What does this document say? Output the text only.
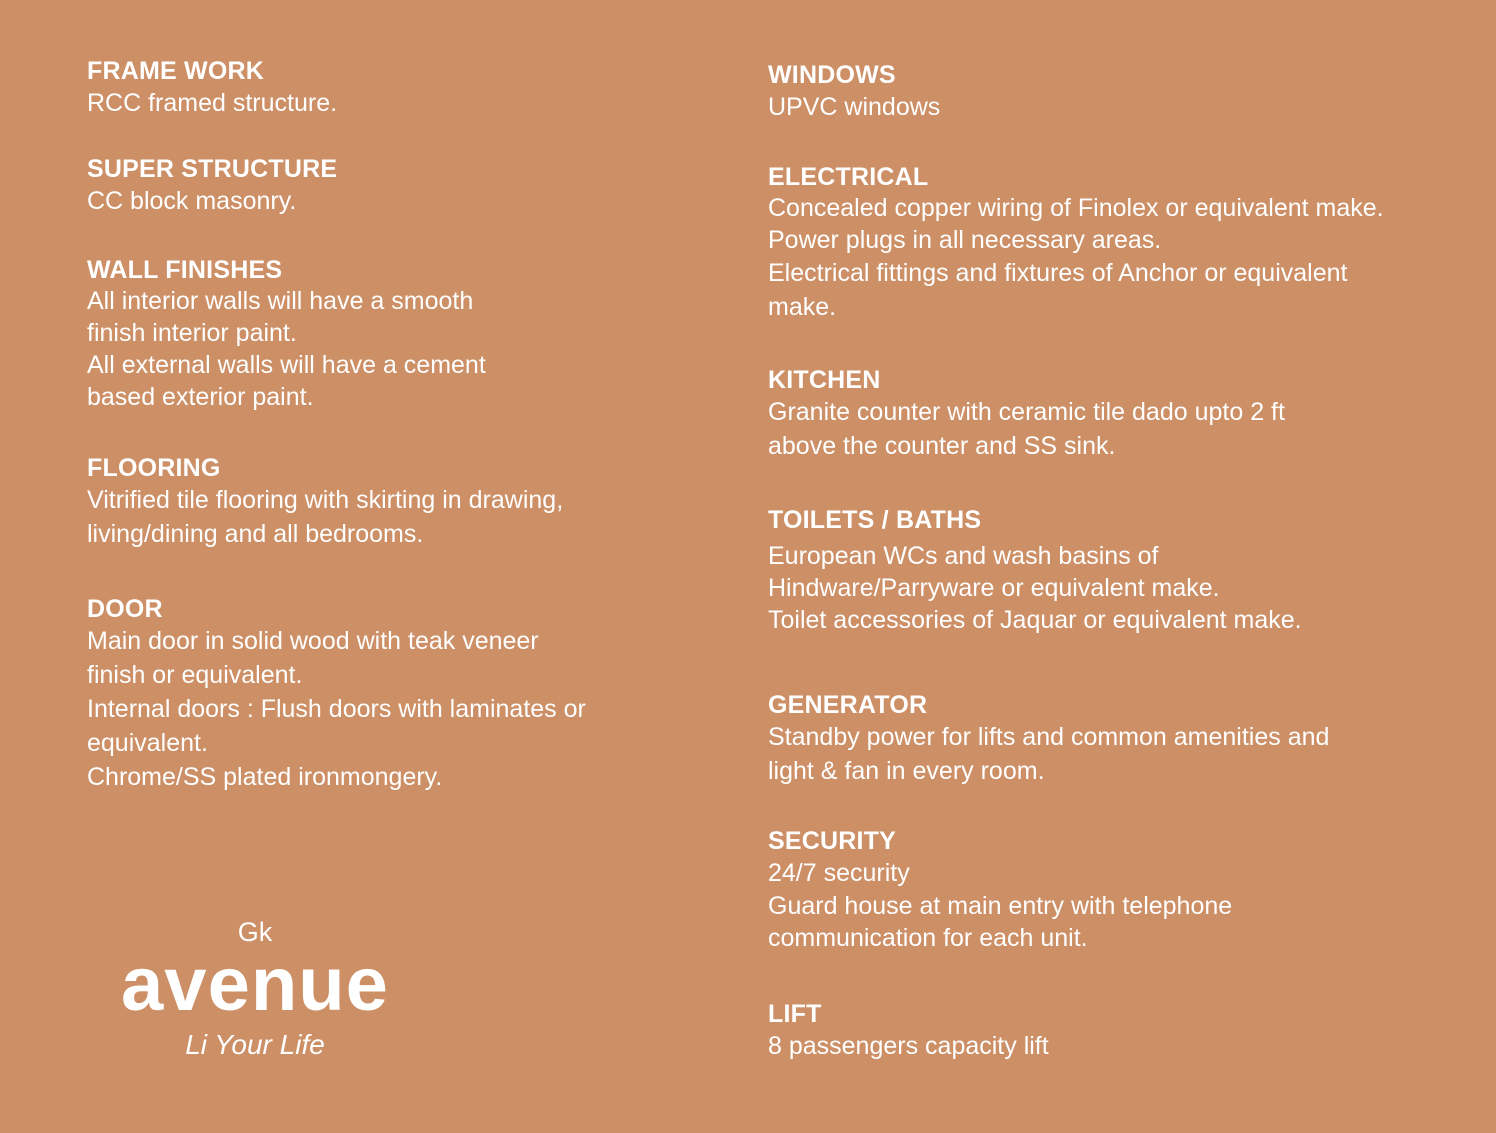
FRAME WORK
RCC framed structure.
SUPER STRUCTURE
CC block masonry.
WALL FINISHES
All interior walls will have a smooth
finish interior paint.
All external walls will have a cement
based exterior paint.
FLOORING
Vitrified tile flooring with skirting in drawing,
living/dining and all bedrooms.
DOOR
Main door in solid wood with teak veneer
finish or equivalent.
Internal doors : Flush doors with laminates or
equivalent.
Chrome/SS plated ironmongery.
Gk
avenue
Li Your Life
WINDOWS
UPVC windows
ELECTRICAL
Concealed copper wiring of Finolex or equivalent make.
Power plugs in all necessary areas.
Electrical fittings and fixtures of Anchor or equivalent
make.
KITCHEN
Granite counter with ceramic tile dado upto 2 ft
above the counter and SS sink.
TOILETS / BATHS
European WCs and wash basins of
Hindware/Parryware or equivalent make.
Toilet accessories of Jaquar or equivalent make.
GENERATOR
Standby power for lifts and common amenities and
light & fan in every room.
SECURITY
24/7 security
Guard house at main entry with telephone
communication for each unit.
LIFT
8 passengers capacity lift
